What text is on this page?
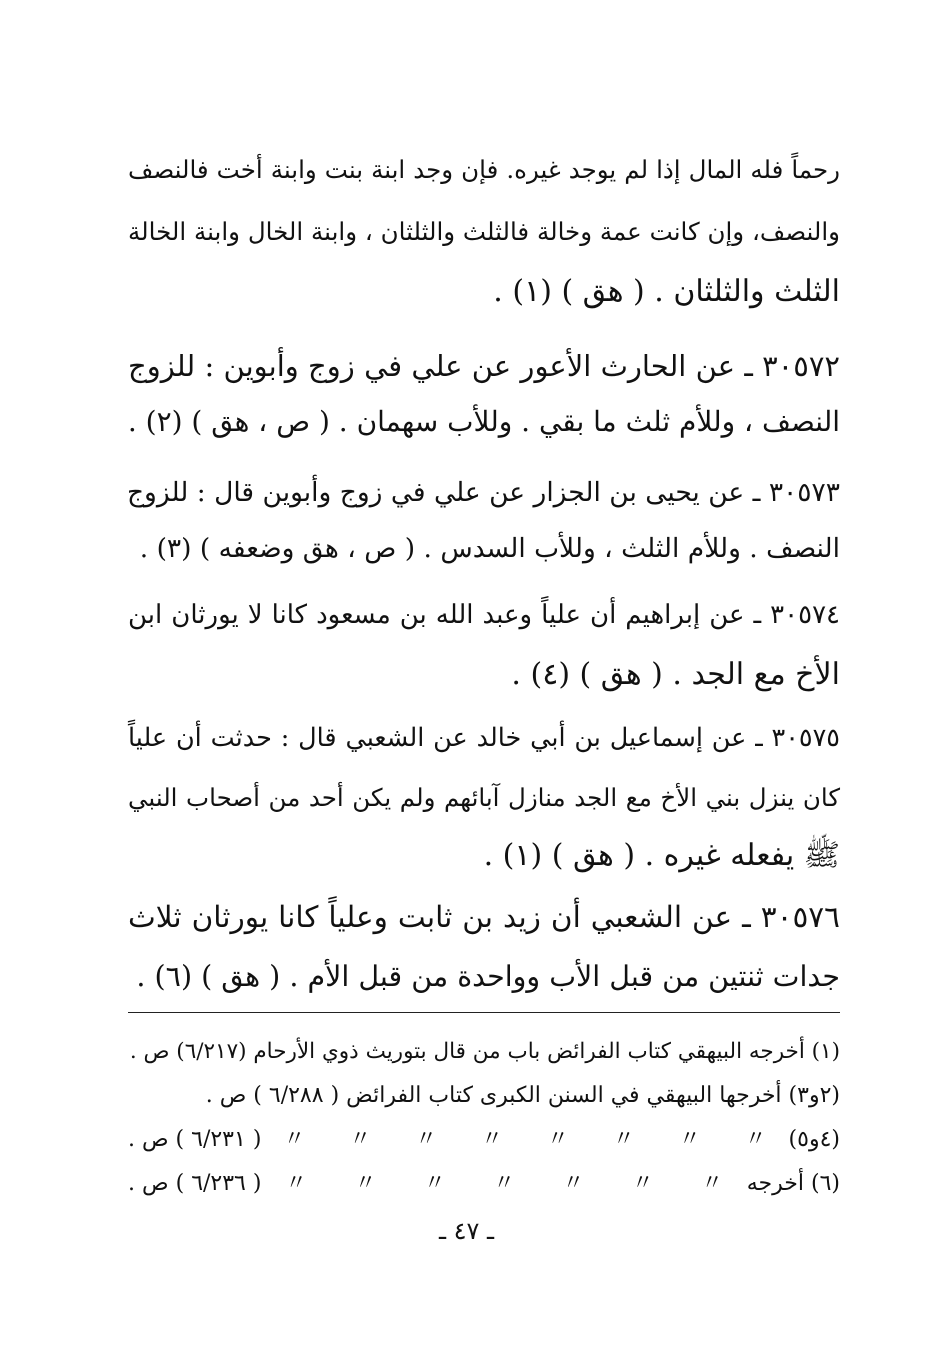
رحماً فله المال إذا لم يوجد غيره. فإن وجد ابنة بنت وابنة أخت فالنصف
والنصف، وإن كانت عمة وخالة فالثلث والثلثان ، وابنة الخال وابنة الخالة
الثلث والثلثان . ( هق ) (١) .
٣٠٥٧٢ ـ عن الحارث الأعور عن علي في زوج وأبوين : للزوج
النصف ، وللأم ثلث ما بقي . وللأب سهمان . ( ص ، هق ) (٢) .
٣٠٥٧٣ ـ عن يحيى بن الجزار عن علي في زوج وأبوين قال : للزوج
النصف . وللأم الثلث ، وللأب السدس . ( ص ، هق وضعفه ) (٣) .
٣٠٥٧٤ ـ عن إبراهيم أن علياً وعبد الله بن مسعود كانا لا يورثان ابن
الأخ مع الجد . ( هق ) (٤) .
٣٠٥٧٥ ـ عن إسماعيل بن أبي خالد عن الشعبي قال : حدثت أن علياً
كان ينزل بني الأخ مع الجد منازل آبائهم ولم يكن أحد من أصحاب النبي
ﷺ يفعله غيره . ( هق ) (١) .
٣٠٥٧٦ ـ عن الشعبي أن زيد بن ثابت وعلياً كانا يورثان ثلاث
جدات ثنتين من قبل الأب وواحدة من قبل الأم . ( هق ) (٦) .
(١) أخرجه البيهقي كتاب الفرائض باب من قال بتوريث ذوي الأرحام (٦/٢١٧) ص .
(٢و٣) أخرجها البيهقي في السنن الكبرى كتاب الفرائض ( ٦/٢٨٨ ) ص .
(٤و٥)
〃
〃
〃
〃
〃
〃
〃
〃
( ٦/٢٣١ ) ص .
(٦) أخرجه
〃
〃
〃
〃
〃
〃
〃
( ٦/٢٣٦ ) ص .
ـ ٤٧ ـ
